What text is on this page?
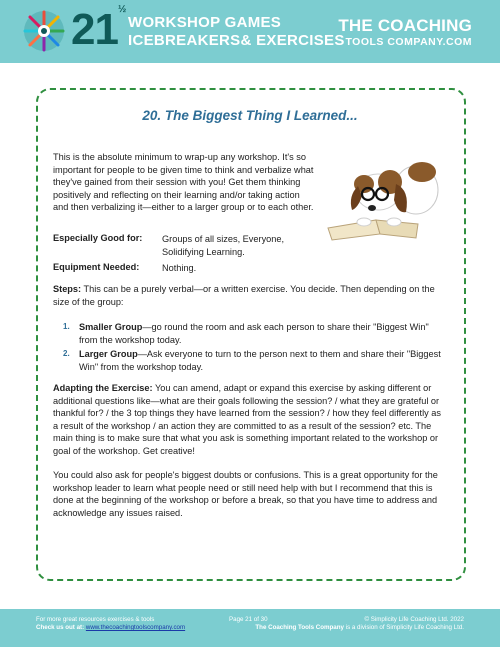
21 ½
WORKSHOP GAMES
ICEBREAKERS& EXERCISES
THE COACHING
TOOLS COMPANY.COM
20. The Biggest Thing I Learned...
This is the absolute minimum to wrap-up any workshop. It's so important for people to be given time to think and verbalize what they've gained from their session with you! Get them thinking positively and reflecting on their learning and/or taking action and then verbalizing it—either to a larger group or to each other.
Especially Good for: Groups of all sizes, Everyone, Solidifying Learning.
Equipment Needed: Nothing.
Steps: This can be a purely verbal—or a written exercise. You decide. Then depending on the size of the group:
1. Smaller Group—go round the room and ask each person to share their "Biggest Win" from the workshop today.
2. Larger Group—Ask everyone to turn to the person next to them and share their "Biggest Win" from the workshop today.
Adapting the Exercise: You can amend, adapt or expand this exercise by asking different or additional questions like—what are their goals following the session? / what they are grateful or thankful for? / the 3 top things they have learned from the session? / how they feel differently as a result of the workshop / an action they are committed to as a result of the session? etc. The main thing is to make sure that what you ask is something important related to the workshop or goal of the workshop. Get creative!
You could also ask for people's biggest doubts or confusions. This is a great opportunity for the workshop leader to learn what people need or still need help with but I recommend that this is done at the beginning of the workshop or before a break, so that you have time to address and acknowledge any issues raised.
For more great resources exercises & tools
Check us out at: www.thecoachingtoolscompany.com
Page 21 of 30	© Simplicity Life Coaching Ltd. 2022
The Coaching Tools Company is a division of Simplicity Life Coaching Ltd.
